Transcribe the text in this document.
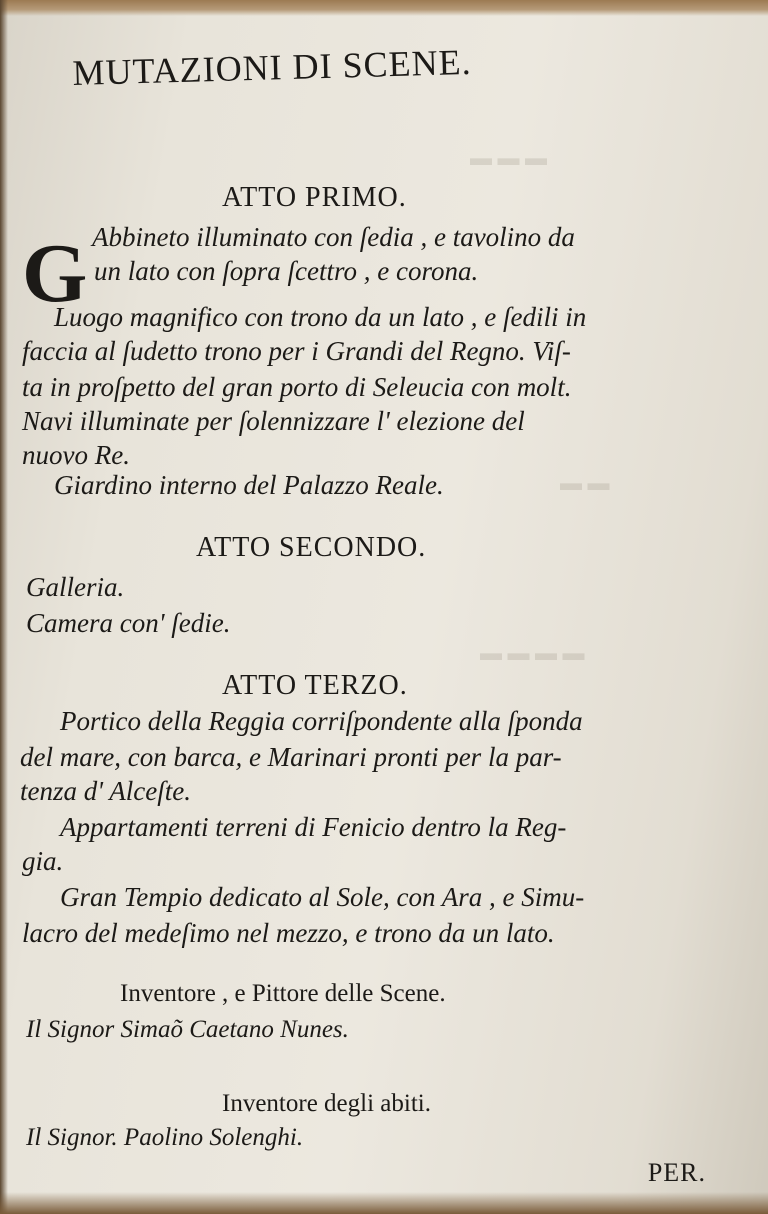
▬ ▬ ▬
▬ ▬
▬ ▬ ▬ ▬
MUTAZIONI DI SCENE.
ATTO PRIMO.
G Abbineto illuminato con ſedia , e tavolino da
un lato con ſopra ſcettro , e corona.
Luogo magnifico con trono da un lato , e ſedili in
faccia al ſudetto trono per i Grandi del Regno. Viſ-
ta in proſpetto del gran porto di Seleucia con molt.
Navi illuminate per ſolennizzare l' elezione del
nuovo Re.
Giardino interno del Palazzo Reale.
ATTO SECONDO.
Galleria.
Camera con' ſedie.
ATTO TERZO.
Portico della Reggia corriſpondente alla ſponda
del mare, con barca, e Marinari pronti per la par-
tenza d' Alceſte.
Appartamenti terreni di Fenicio dentro la Reg-
gia.
Gran Tempio dedicato al Sole, con Ara , e Simu-
lacro del medeſimo nel mezzo, e trono da un lato.
Inventore , e Pittore delle Scene.
Il Signor Simaõ Caetano Nunes.
Inventore degli abiti.
Il Signor. Paolino Solenghi.
PER.
